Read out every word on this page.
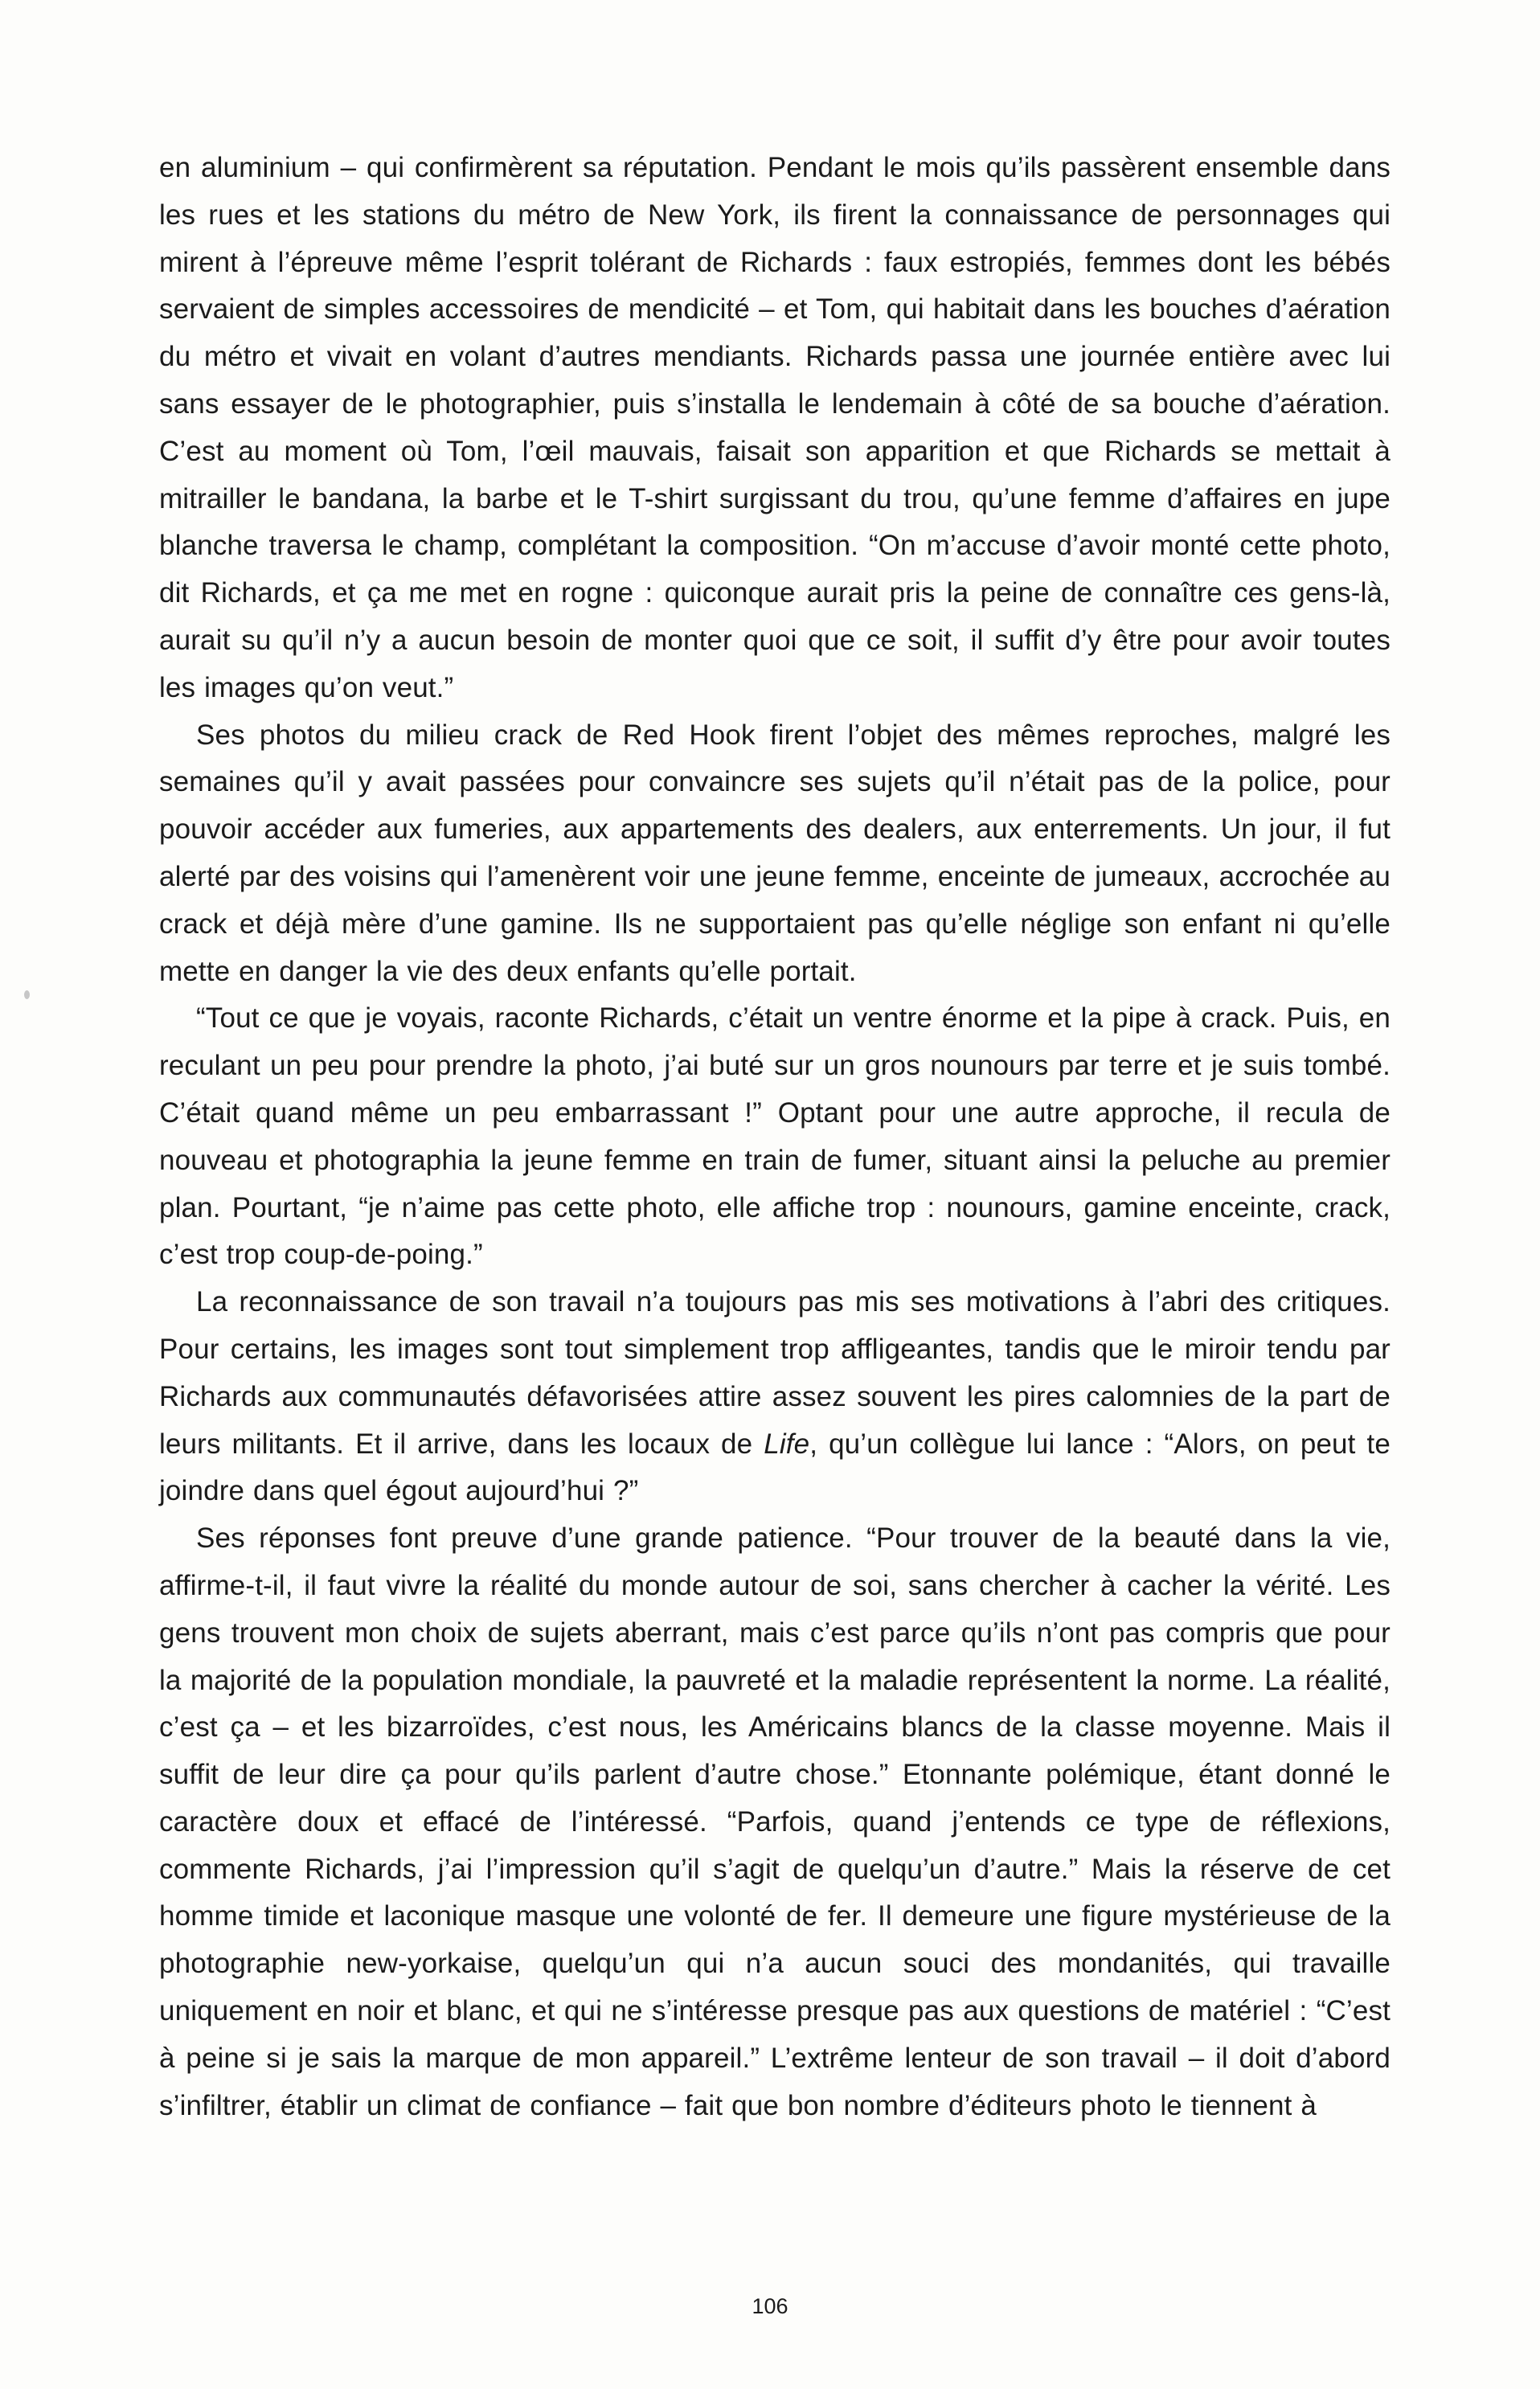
en aluminium – qui confirmèrent sa réputation. Pendant le mois qu’ils passèrent ensemble dans les rues et les stations du métro de New York, ils firent la connaissance de personnages qui mirent à l’épreuve même l’esprit tolérant de Richards : faux estropiés, femmes dont les bébés servaient de simples accessoires de mendicité – et Tom, qui habitait dans les bouches d’aération du métro et vivait en volant d’autres mendiants. Richards passa une journée entière avec lui sans essayer de le photographier, puis s’installa le lendemain à côté de sa bouche d’aération. C’est au moment où Tom, l’œil mauvais, faisait son apparition et que Richards se mettait à mitrailler le bandana, la barbe et le T-shirt surgissant du trou, qu’une femme d’affaires en jupe blanche traversa le champ, complétant la composition. “On m’accuse d’avoir monté cette photo, dit Richards, et ça me met en rogne : quiconque aurait pris la peine de connaître ces gens-là, aurait su qu’il n’y a aucun besoin de monter quoi que ce soit, il suffit d’y être pour avoir toutes les images qu’on veut.”

Ses photos du milieu crack de Red Hook firent l’objet des mêmes reproches, malgré les semaines qu’il y avait passées pour convaincre ses sujets qu’il n’était pas de la police, pour pouvoir accéder aux fumeries, aux appartements des dealers, aux enterrements. Un jour, il fut alerté par des voisins qui l’amenèrent voir une jeune femme, enceinte de jumeaux, accrochée au crack et déjà mère d’une gamine. Ils ne supportaient pas qu’elle néglige son enfant ni qu’elle mette en danger la vie des deux enfants qu’elle portait.

“Tout ce que je voyais, raconte Richards, c’était un ventre énorme et la pipe à crack. Puis, en reculant un peu pour prendre la photo, j’ai buté sur un gros nounours par terre et je suis tombé. C’était quand même un peu embarrassant !” Optant pour une autre approche, il recula de nouveau et photographia la jeune femme en train de fumer, situant ainsi la peluche au premier plan. Pourtant, “je n’aime pas cette photo, elle affiche trop : nounours, gamine enceinte, crack, c’est trop coup-de-poing.”

La reconnaissance de son travail n’a toujours pas mis ses motivations à l’abri des critiques. Pour certains, les images sont tout simplement trop affligeantes, tandis que le miroir tendu par Richards aux communautés défavorisées attire assez souvent les pires calomnies de la part de leurs militants. Et il arrive, dans les locaux de Life, qu’un collègue lui lance : “Alors, on peut te joindre dans quel égout aujourd’hui ?”

Ses réponses font preuve d’une grande patience. “Pour trouver de la beauté dans la vie, affirme-t-il, il faut vivre la réalité du monde autour de soi, sans chercher à cacher la vérité. Les gens trouvent mon choix de sujets aberrant, mais c’est parce qu’ils n’ont pas compris que pour la majorité de la population mondiale, la pauvreté et la maladie représentent la norme. La réalité, c’est ça – et les bizarroïdes, c’est nous, les Américains blancs de la classe moyenne. Mais il suffit de leur dire ça pour qu’ils parlent d’autre chose.” Etonnante polémique, étant donné le caractère doux et effacé de l’intéressé. “Parfois, quand j’entends ce type de réflexions, commente Richards, j’ai l’impression qu’il s’agit de quelqu’un d’autre.” Mais la réserve de cet homme timide et laconique masque une volonté de fer. Il demeure une figure mystérieuse de la photographie new-yorkaise, quelqu’un qui n’a aucun souci des mondanités, qui travaille uniquement en noir et blanc, et qui ne s’intéresse presque pas aux questions de matériel : “C’est à peine si je sais la marque de mon appareil.” L’extrême lenteur de son travail – il doit d’abord s’infiltrer, établir un climat de confiance – fait que bon nombre d’éditeurs photo le tiennent à

106
